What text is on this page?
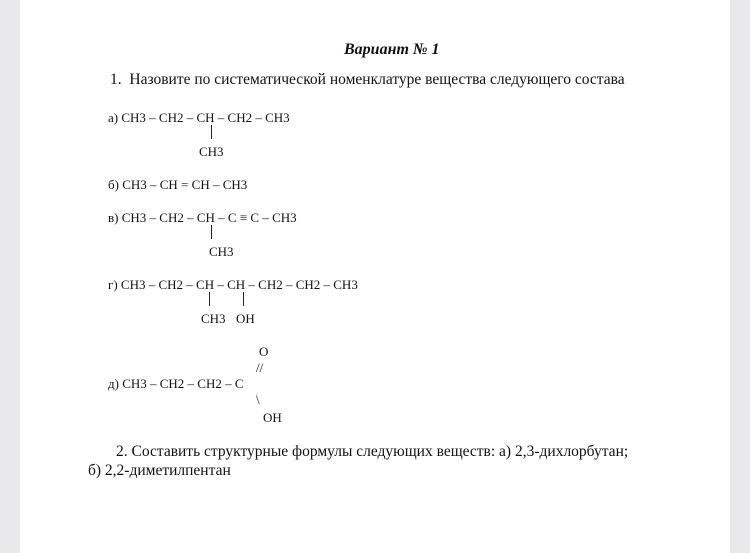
Вариант № 1
1.  Назовите по систематической номенклатуре вещества следующего состава
а) CH3 – CH2 – CH – CH2 – CH3
CH3
б) CH3 – CH = CH – CH3
в) CH3 – CH2 – CH – C ≡ C – CH3
CH3
г) CH3 – CH2 – CH – CH – CH2 – CH2 – CH3
CH3 OH
O
//
д) CH3 – CH2 – CH2 – C
\
OH
2. Составить структурные формулы следующих веществ: а) 2,3-дихлорбутан;
б) 2,2-диметилпентан
